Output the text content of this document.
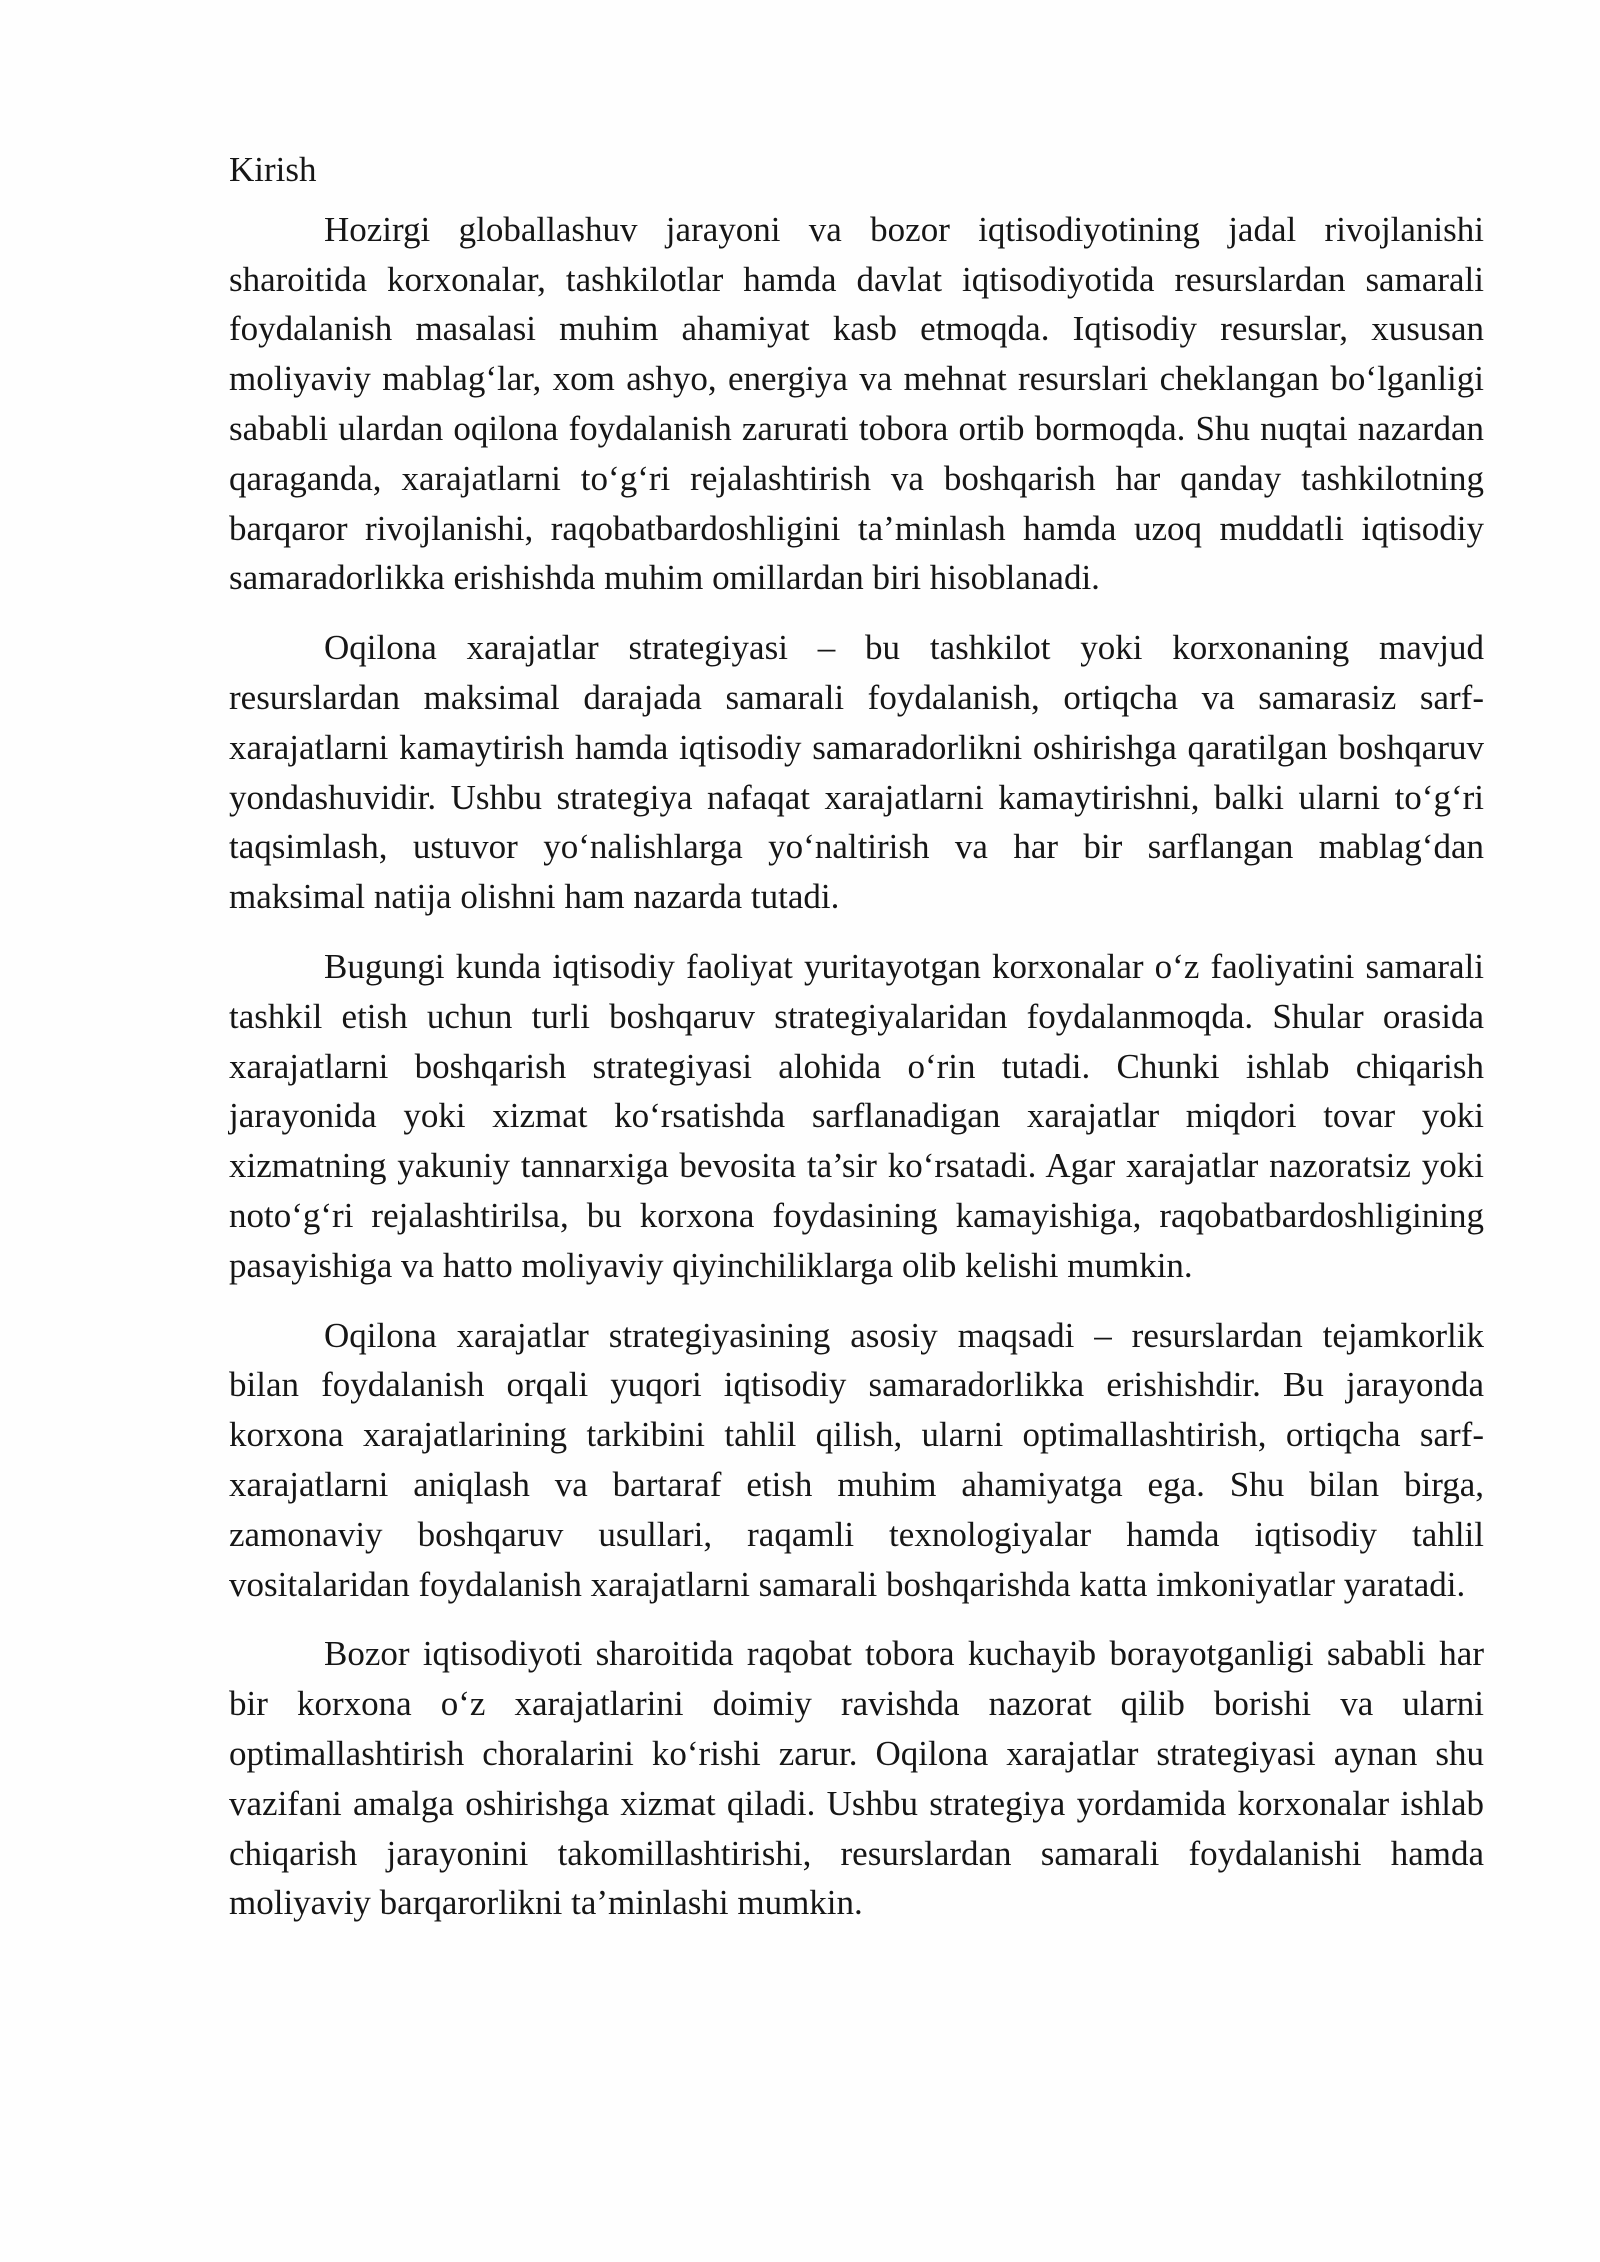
Kirish

Hozirgi globallashuv jarayoni va bozor iqtisodiyotining jadal rivojlanishi sharoitida korxonalar, tashkilotlar hamda davlat iqtisodiyotida resurslardan samarali foydalanish masalasi muhim ahamiyat kasb etmoqda. Iqtisodiy resurslar, xususan moliyaviy mablag‘lar, xom ashyo, energiya va mehnat resurslari cheklangan bo‘lganligi sababli ulardan oqilona foydalanish zarurati tobora ortib bormoqda. Shu nuqtai nazardan qaraganda, xarajatlarni to‘g‘ri rejalashtirish va boshqarish har qanday tashkilotning barqaror rivojlanishi, raqobatbardoshligini ta’minlash hamda uzoq muddatli iqtisodiy samaradorlikka erishishda muhim omillardan biri hisoblanadi.

Oqilona xarajatlar strategiyasi – bu tashkilot yoki korxonaning mavjud resurslardan maksimal darajada samarali foydalanish, ortiqcha va samarasiz sarf-xarajatlarni kamaytirish hamda iqtisodiy samaradorlikni oshirishga qaratilgan boshqaruv yondashuvidir. Ushbu strategiya nafaqat xarajatlarni kamaytirishni, balki ularni to‘g‘ri taqsimlash, ustuvor yo‘nalishlarga yo‘naltirish va har bir sarflangan mablag‘dan maksimal natija olishni ham nazarda tutadi.

Bugungi kunda iqtisodiy faoliyat yuritayotgan korxonalar o‘z faoliyatini samarali tashkil etish uchun turli boshqaruv strategiyalaridan foydalanmoqda. Shular orasida xarajatlarni boshqarish strategiyasi alohida o‘rin tutadi. Chunki ishlab chiqarish jarayonida yoki xizmat ko‘rsatishda sarflanadigan xarajatlar miqdori tovar yoki xizmatning yakuniy tannarxiga bevosita ta’sir ko‘rsatadi. Agar xarajatlar nazoratsiz yoki noto‘g‘ri rejalashtirilsa, bu korxona foydasining kamayishiga, raqobatbardoshligining pasayishiga va hatto moliyaviy qiyinchiliklarga olib kelishi mumkin.

Oqilona xarajatlar strategiyasining asosiy maqsadi – resurslardan tejamkorlik bilan foydalanish orqali yuqori iqtisodiy samaradorlikka erishishdir. Bu jarayonda korxona xarajatlarining tarkibini tahlil qilish, ularni optimallashtirish, ortiqcha sarf-xarajatlarni aniqlash va bartaraf etish muhim ahamiyatga ega. Shu bilan birga, zamonaviy boshqaruv usullari, raqamli texnologiyalar hamda iqtisodiy tahlil vositalaridan foydalanish xarajatlarni samarali boshqarishda katta imkoniyatlar yaratadi.

Bozor iqtisodiyoti sharoitida raqobat tobora kuchayib borayotganligi sababli har bir korxona o‘z xarajatlarini doimiy ravishda nazorat qilib borishi va ularni optimallashtirish choralarini ko‘rishi zarur. Oqilona xarajatlar strategiyasi aynan shu vazifani amalga oshirishga xizmat qiladi. Ushbu strategiya yordamida korxonalar ishlab chiqarish jarayonini takomillashtirishi, resurslardan samarali foydalanishi hamda moliyaviy barqarorlikni ta’minlashi mumkin.
